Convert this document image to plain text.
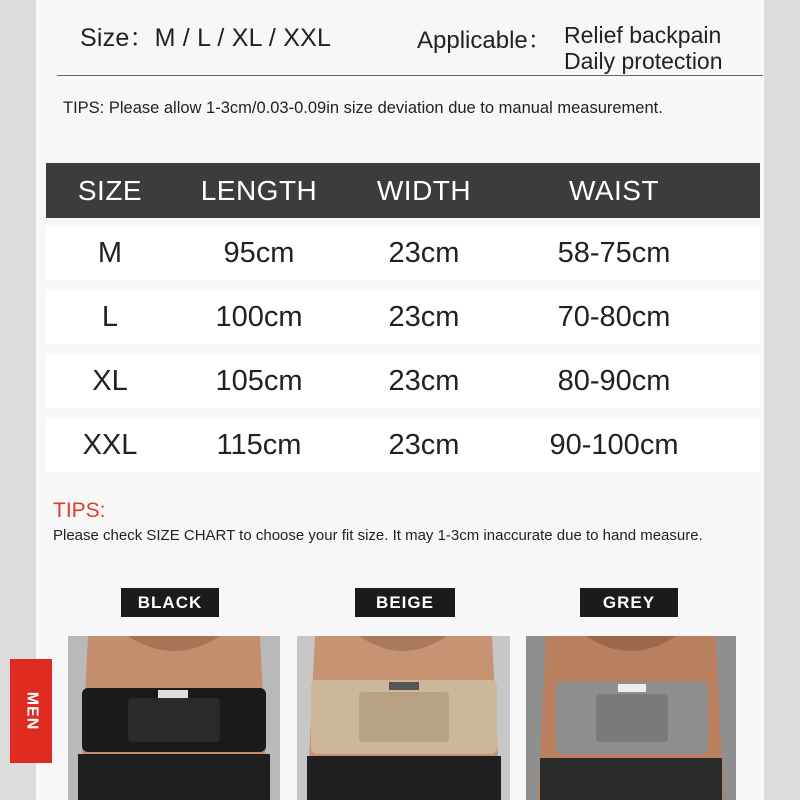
Size：M / L / XL / XXL	Applicable： Relief backpain
Daily protection
TIPS: Please allow 1-3cm/0.03-0.09in size deviation due to manual measurement.
SIZE	LENGTH	WIDTH	WAIST
M	95cm	23cm	58-75cm
L	100cm	23cm	70-80cm
XL	105cm	23cm	80-90cm
XXL	115cm	23cm	90-100cm
TIPS:
Please check SIZE CHART to choose your fit size. It may 1-3cm inaccurate due to hand measure.
BLACK	BEIGE	GREY
MEN
